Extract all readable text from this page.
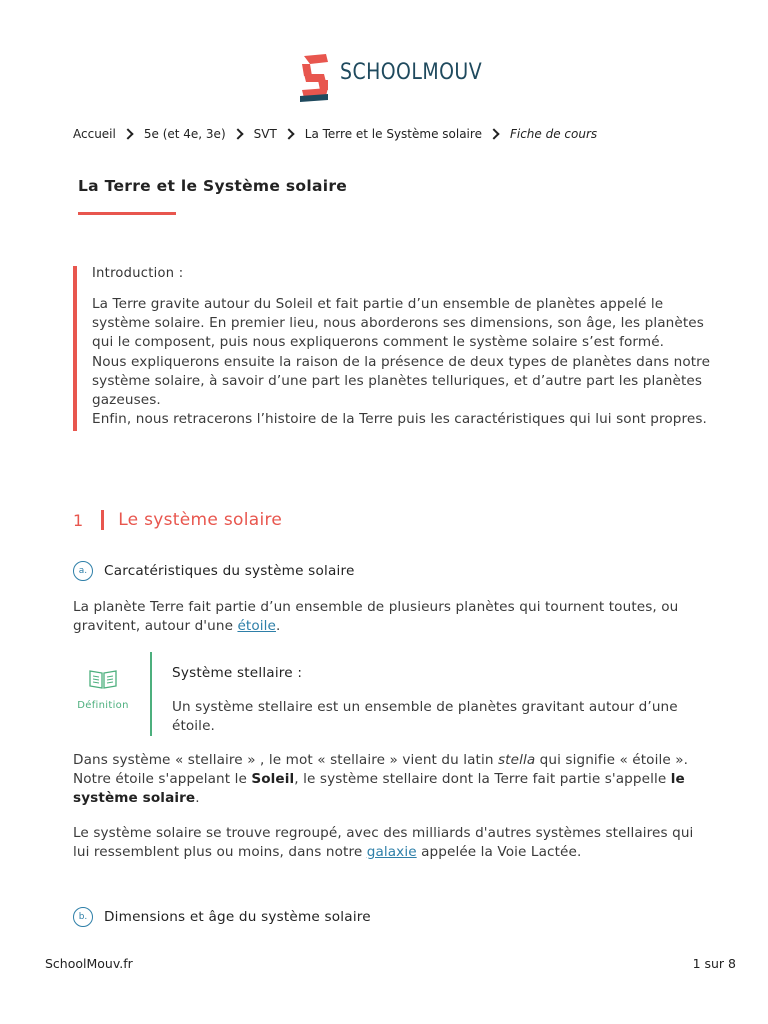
SCHOOLMOUV
Accueil 5e (et 4e, 3e) SVT La Terre et le Système solaire Fiche de cours
La Terre et le Système solaire
Introduction :

La Terre gravite autour du Soleil et fait partie d’un ensemble de planètes appelé le système solaire. En premier lieu, nous aborderons ses dimensions, son âge, les planètes qui le composent, puis nous expliquerons comment le système solaire s’est formé.

Nous expliquerons ensuite la raison de la présence de deux types de planètes dans notre système solaire, à savoir d’une part les planètes telluriques, et d’autre part les planètes gazeuses.

Enfin, nous retracerons l’histoire de la Terre puis les caractéristiques qui lui sont propres.

1 Le système solaire
a.	Carcatéristiques du système solaire
La planète Terre fait partie d’un ensemble de plusieurs planètes qui tournent toutes, ou gravitent, autour d'une étoile.
Définition
Système stellaire :
Un système stellaire est un ensemble de planètes gravitant autour d’une étoile.
Dans système « stellaire » , le mot « stellaire » vient du latin stella qui signifie « étoile ». Notre étoile s'appelant le Soleil, le système stellaire dont la Terre fait partie s'appelle le système solaire.
Le système solaire se trouve regroupé, avec des milliards d'autres systèmes stellaires qui lui ressemblent plus ou moins, dans notre galaxie appelée la Voie Lactée.
b.	Dimensions et âge du système solaire
SchoolMouv.fr	1 sur 8
